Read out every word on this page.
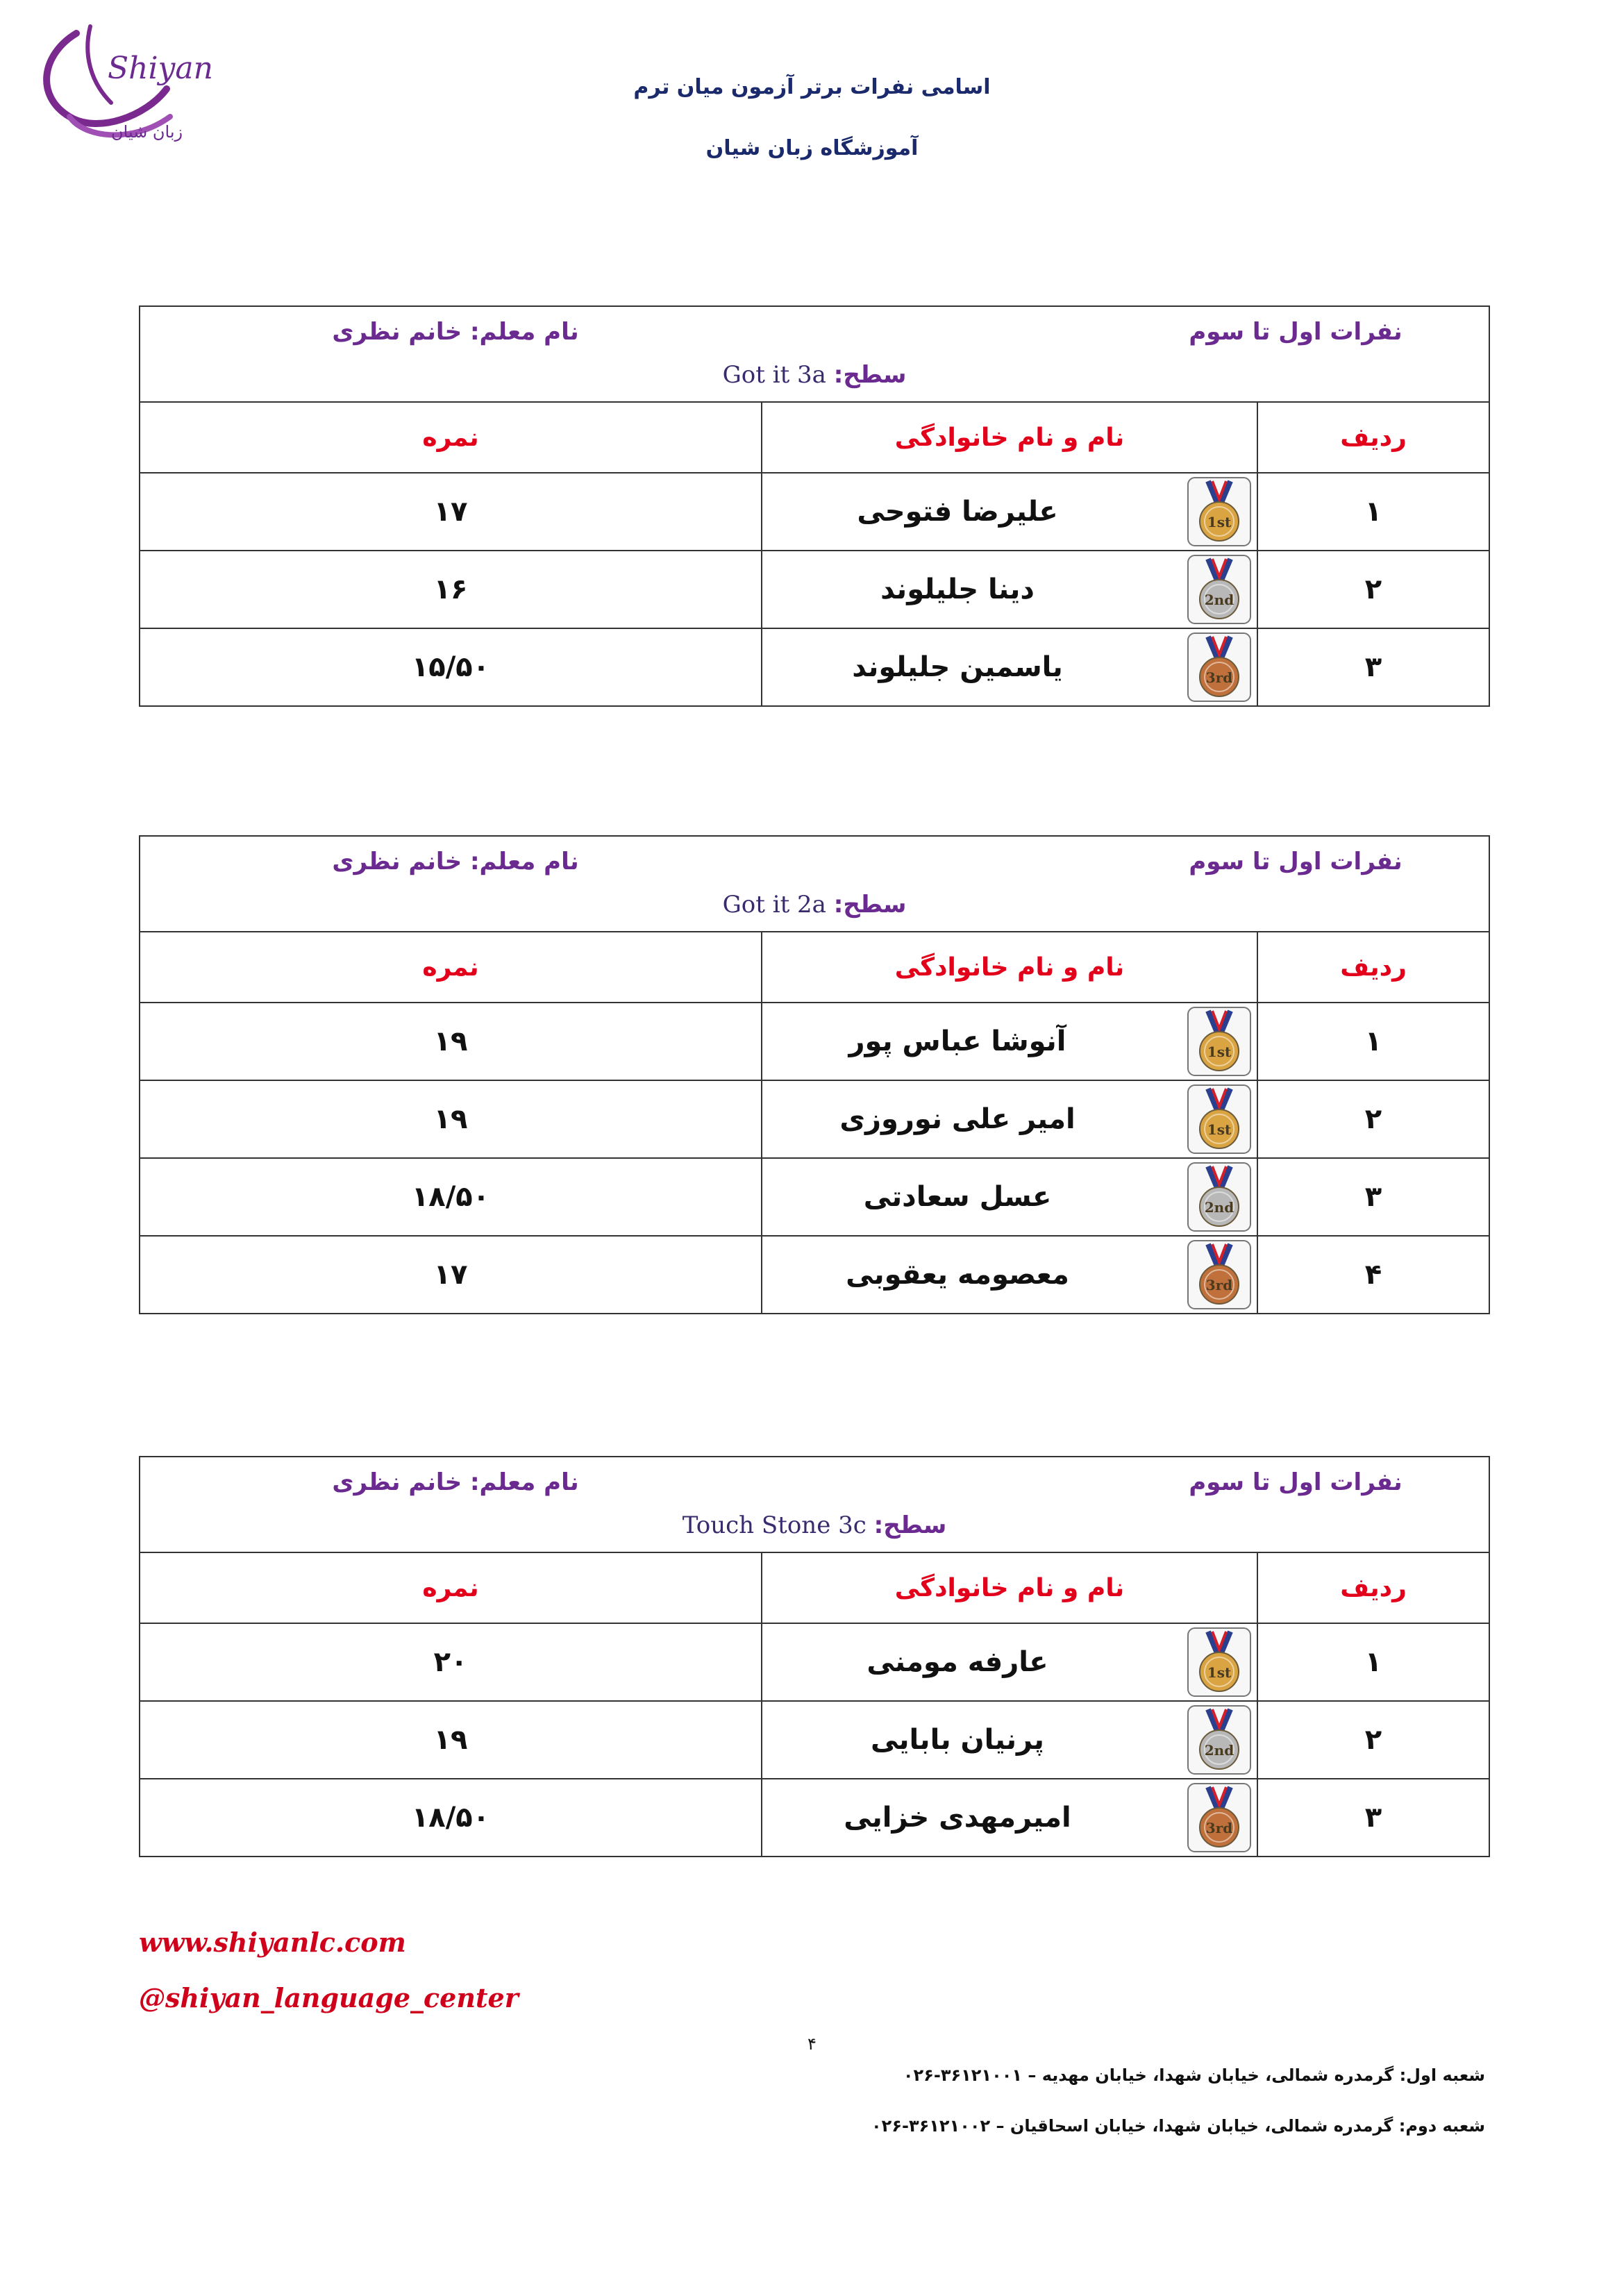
Shiyan
زبان شیان
اسامی نفرات برتر آزمون میان ترم
آموزشگاه زبان شیان
نام معلم: خانم نظری نفرات اول تا سوم
سطح: Got it 3a		

نمره	نام و نام خانوادگی	ردیف
۱۷	علیرضا فتوحی 1st	۱
۱۶	دینا جلیلوند 2nd	۲
۱۵/۵۰	یاسمین جلیلوند 3rd	۳
نام معلم: خانم نظری نفرات اول تا سوم
سطح: Got it 2a		

نمره	نام و نام خانوادگی	ردیف
۱۹	آنوشا عباس پور 1st	۱
۱۹	امیر علی نوروزی 1st	۲
۱۸/۵۰	عسل سعادتی 2nd	۳
۱۷	معصومه یعقوبی 3rd	۴
نام معلم: خانم نظری نفرات اول تا سوم
سطح: Touch Stone 3c		

نمره	نام و نام خانوادگی	ردیف
۲۰	عارفه مومنی 1st	۱
۱۹	پرنیان بابایی 2nd	۲
۱۸/۵۰	امیرمهدی خزایی 3rd	۳
www.shiyanlc.com
@shiyan_language_center
۴
شعبه اول: گرمدره شمالی، خیابان شهدا، خیابان مهدیه – ۳۶۱۲۱۰۰۱-۰۲۶
شعبه دوم: گرمدره شمالی، خیابان شهدا، خیابان اسحاقیان – ۳۶۱۲۱۰۰۲-۰۲۶
